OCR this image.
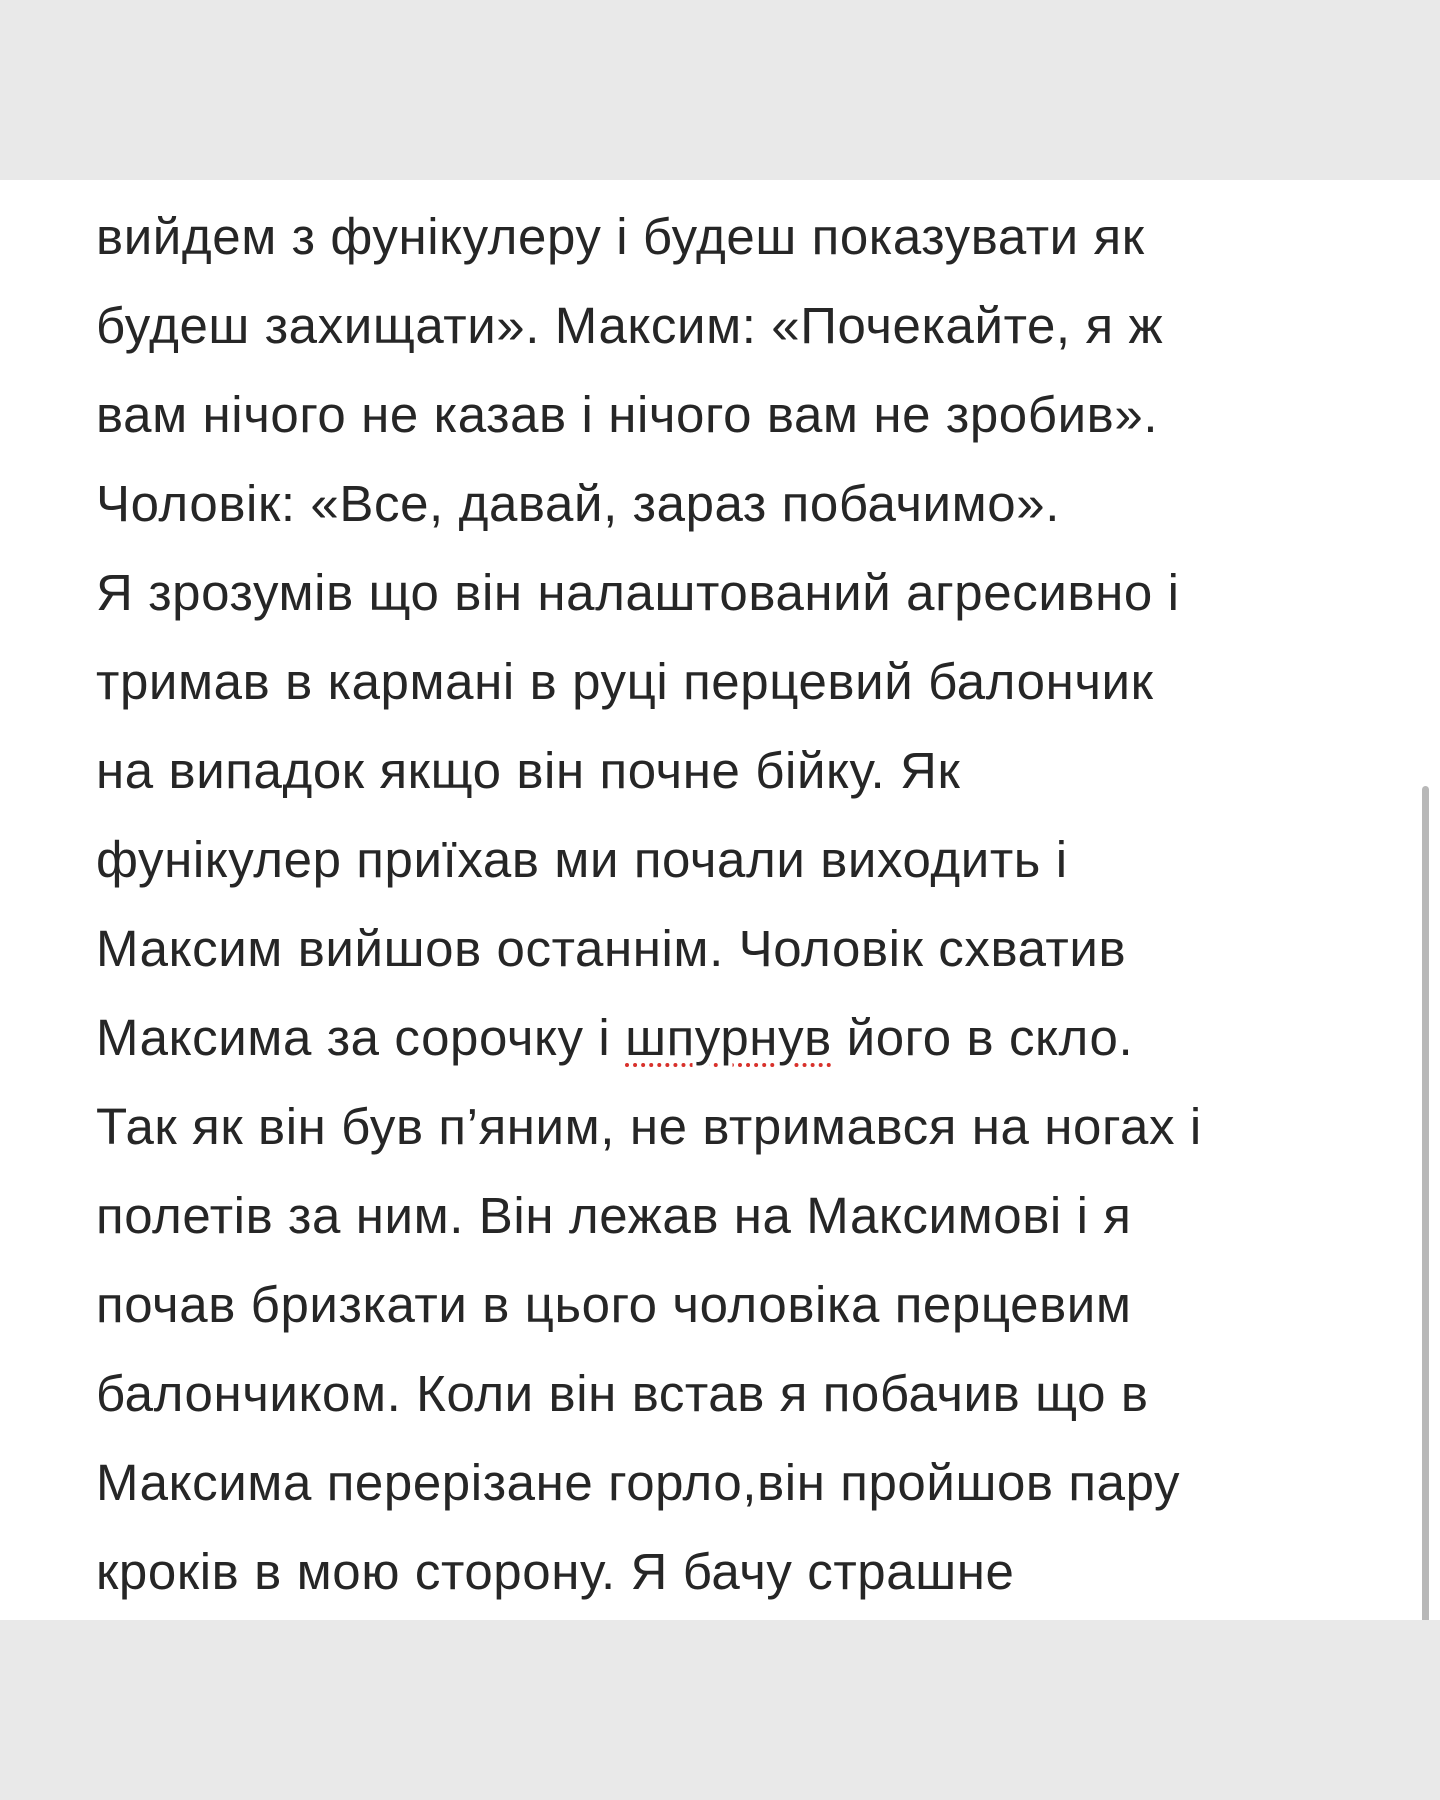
вийдем з фунікулеру і будеш показувати як
будеш захищати». Максим: «Почекайте, я ж
вам нічого не казав і нічого вам не зробив».
Чоловік: «Все, давай, зараз побачимо».
Я зрозумів що він налаштований агресивно і
тримав в кармані в руці перцевий балончик
на випадок якщо він почне бійку. Як
фунікулер приїхав ми почали виходить і
Максим вийшов останнім. Чоловік схватив
Максима за сорочку і шпурнув його в скло.
Так як він був п’яним, не втримався на ногах і
полетів за ним. Він лежав на Максимові і я
почав бризкати в цього чоловіка перцевим
балончиком. Коли він встав я побачив що в
Максима перерізане горло,він пройшов пару
кроків в мою сторону. Я бачу страшне
